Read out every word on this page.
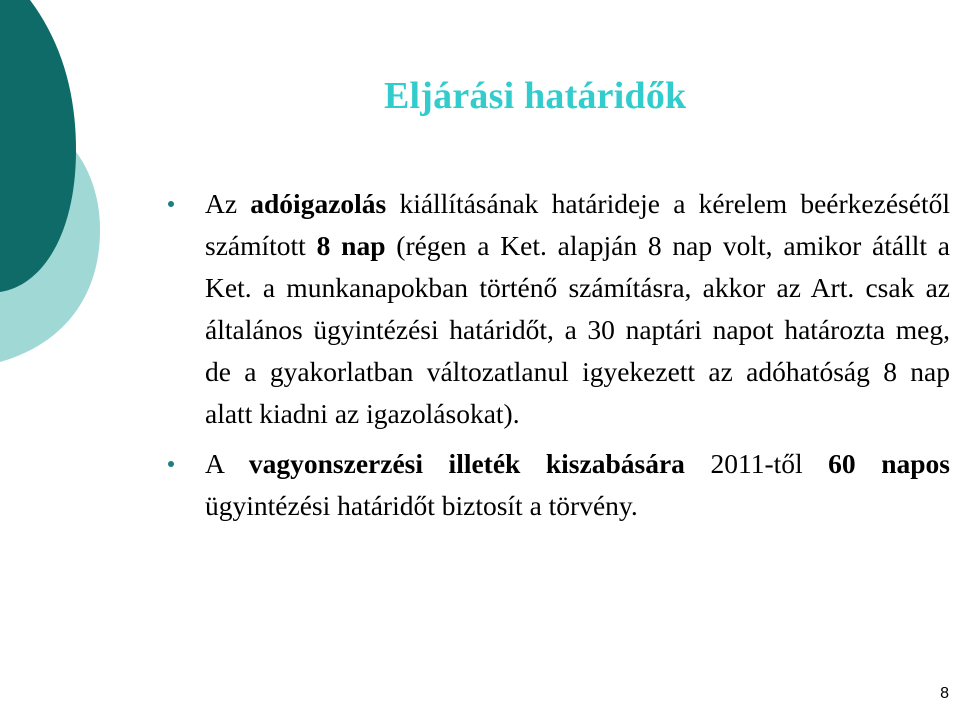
Eljárási határidők
Az adóigazolás kiállításának határideje a kérelem beérkezésétől számított 8 nap (régen a Ket. alapján 8 nap volt, amikor átállt a Ket. a munkanapokban történő számításra, akkor az Art. csak az általános ügyintézési határidőt, a 30 naptári napot határozta meg, de a gyakorlatban változatlanul igyekezett az adóhatóság 8 nap alatt kiadni az igazolásokat).
A vagyonszerzési illeték kiszabására 2011-től 60 napos ügyintézési határidőt biztosít a törvény.
8
